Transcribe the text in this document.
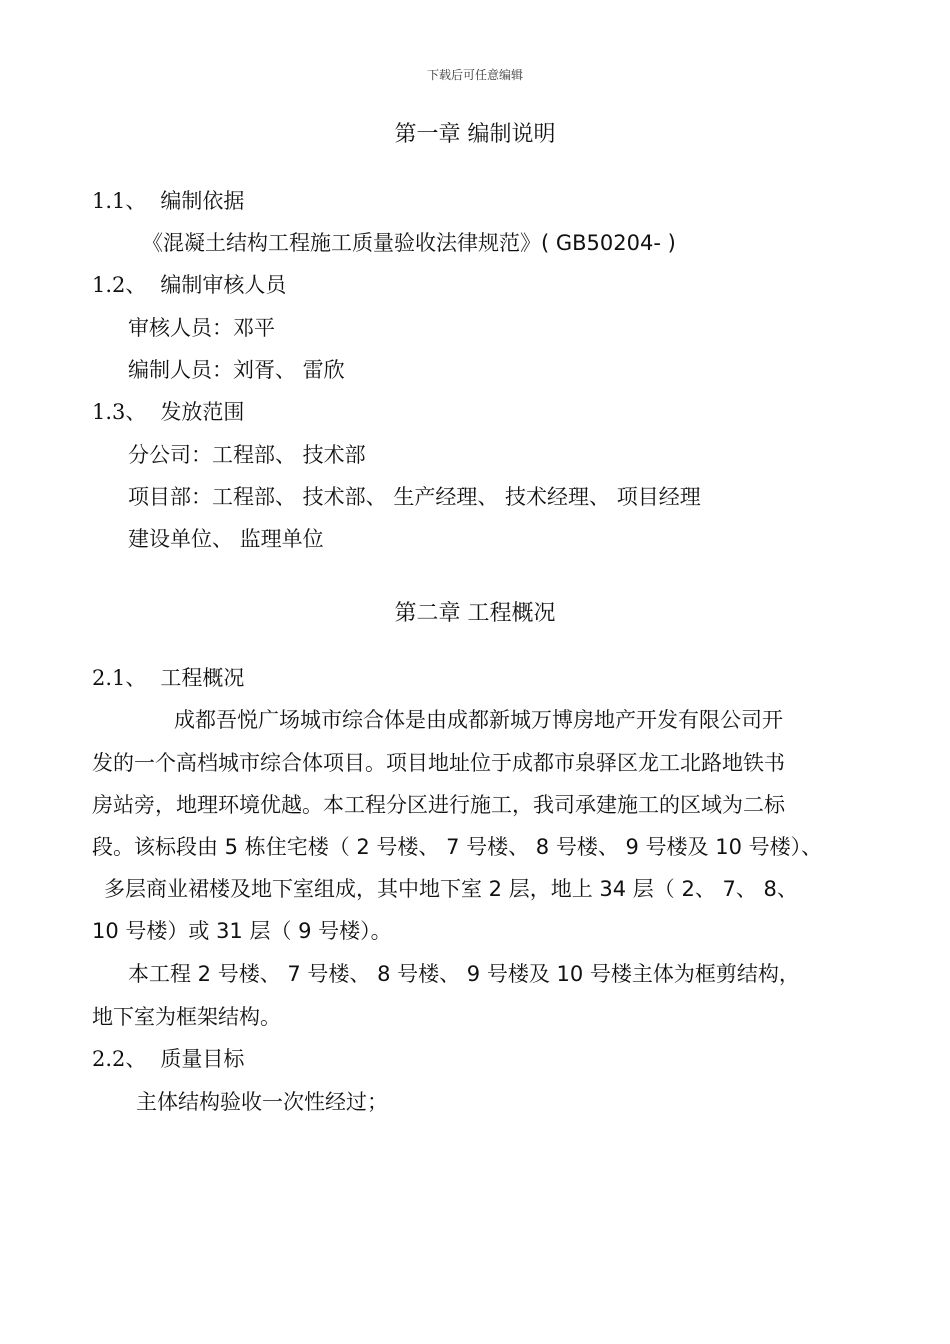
下载后可任意编辑
第一章 编制说明
1.1、 编制依据
《混凝土结构工程施工质量验收法律规范》( GB50204- )
1.2、 编制审核人员
审核人员：邓平
编制人员：刘胥、 雷欣
1.3、 发放范围
分公司：工程部、 技术部
项目部：工程部、 技术部、 生产经理、 技术经理、 项目经理
建设单位、 监理单位
第二章 工程概况
2.1、 工程概况
成都吾悦广场城市综合体是由成都新城万博房地产开发有限公司开
发的一个高档城市综合体项目。项目地址位于成都市泉驿区龙工北路地铁书
房站旁，地理环境优越。本工程分区进行施工，我司承建施工的区域为二标
段。该标段由 5 栋住宅楼（ 2 号楼、 7 号楼、 8 号楼、 9 号楼及 10 号楼）、
多层商业裙楼及地下室组成，其中地下室 2 层，地上 34 层（ 2、 7、 8、
10 号楼）或 31 层（ 9 号楼）。
本工程 2 号楼、 7 号楼、 8 号楼、 9 号楼及 10 号楼主体为框剪结构，
地下室为框架结构。
2.2、 质量目标
主体结构验收一次性经过；
